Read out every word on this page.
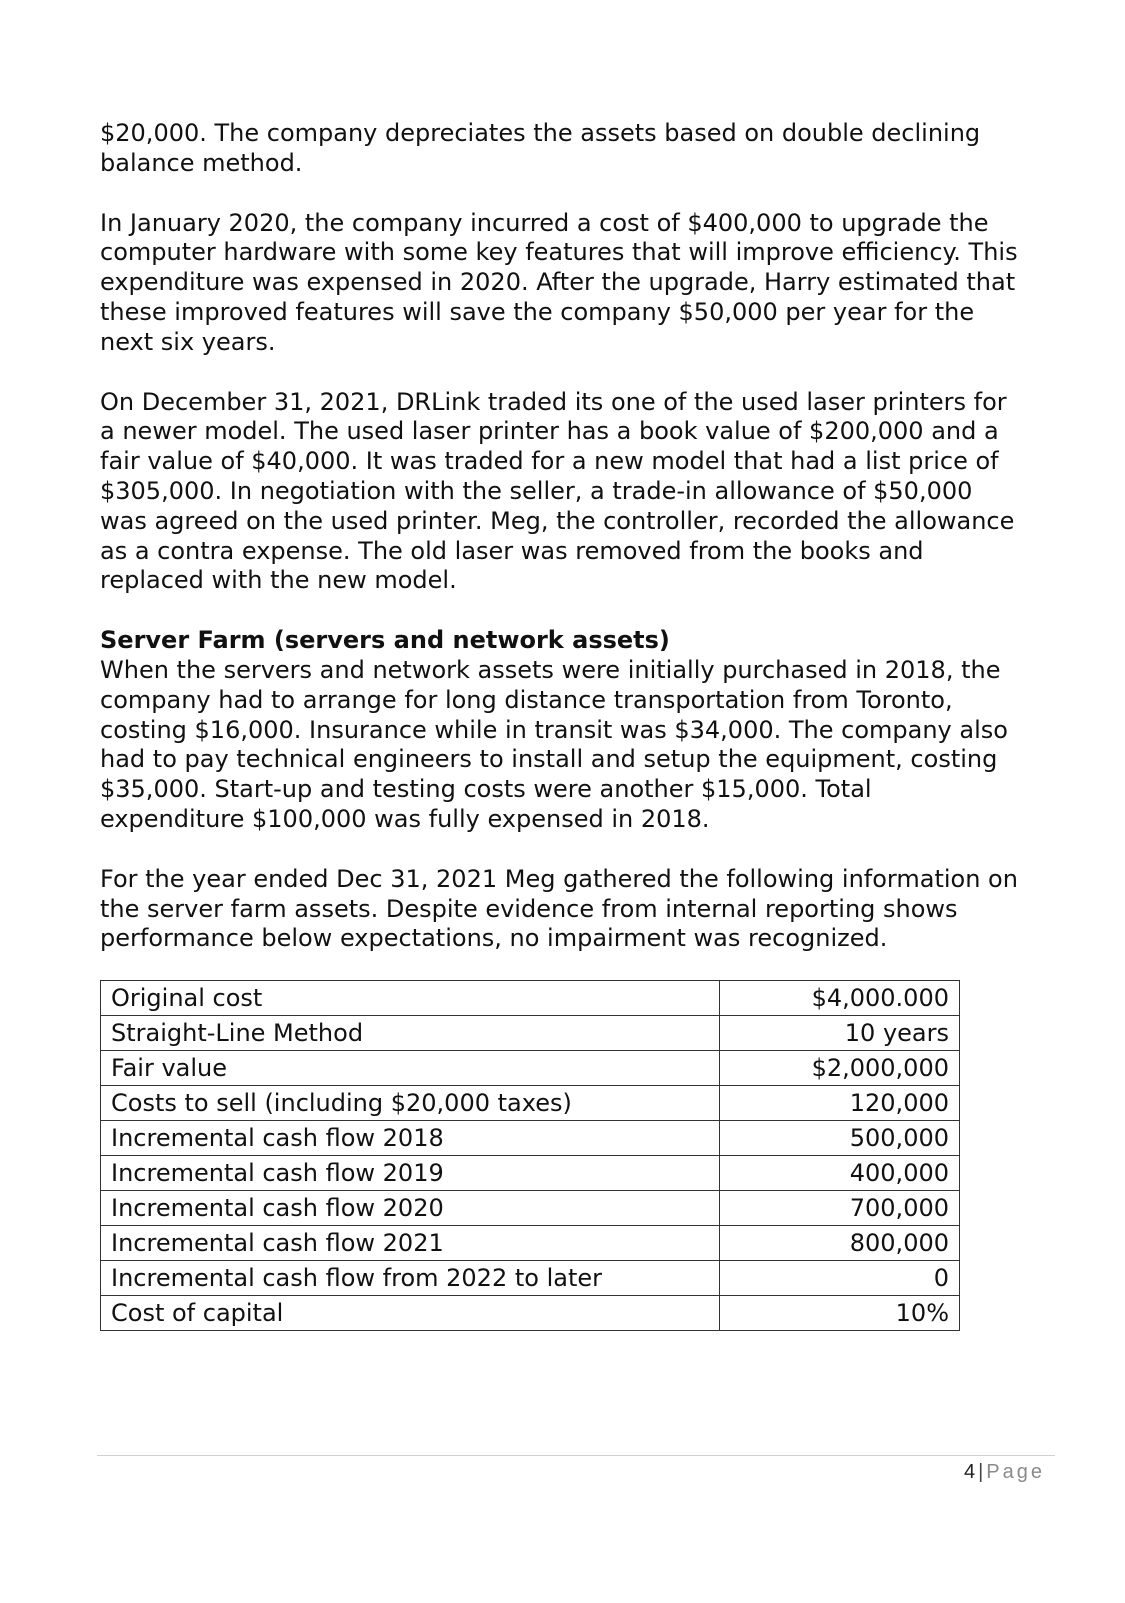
$20,000. The company depreciates the assets based on double declining
balance method.

In January 2020, the company incurred a cost of $400,000 to upgrade the
computer hardware with some key features that will improve efficiency. This
expenditure was expensed in 2020. After the upgrade, Harry estimated that
these improved features will save the company $50,000 per year for the
next six years.

On December 31, 2021, DRLink traded its one of the used laser printers for
a newer model. The used laser printer has a book value of $200,000 and a
fair value of $40,000. It was traded for a new model that had a list price of
$305,000. In negotiation with the seller, a trade-in allowance of $50,000
was agreed on the used printer. Meg, the controller, recorded the allowance
as a contra expense. The old laser was removed from the books and
replaced with the new model.

Server Farm (servers and network assets)

When the servers and network assets were initially purchased in 2018, the
company had to arrange for long distance transportation from Toronto,
costing $16,000. Insurance while in transit was $34,000. The company also
had to pay technical engineers to install and setup the equipment, costing
$35,000. Start-up and testing costs were another $15,000. Total
expenditure $100,000 was fully expensed in 2018.

For the year ended Dec 31, 2021 Meg gathered the following information on
the server farm assets. Despite evidence from internal reporting shows
performance below expectations, no impairment was recognized.

Original cost	$4,000.000
Straight-Line Method	10 years
Fair value	$2,000,000
Costs to sell (including $20,000 taxes)	120,000
Incremental cash flow 2018	500,000
Incremental cash flow 2019	400,000
Incremental cash flow 2020	700,000
Incremental cash flow 2021	800,000
Incremental cash flow from 2022 to later	0
Cost of capital	10%
4 | Page
